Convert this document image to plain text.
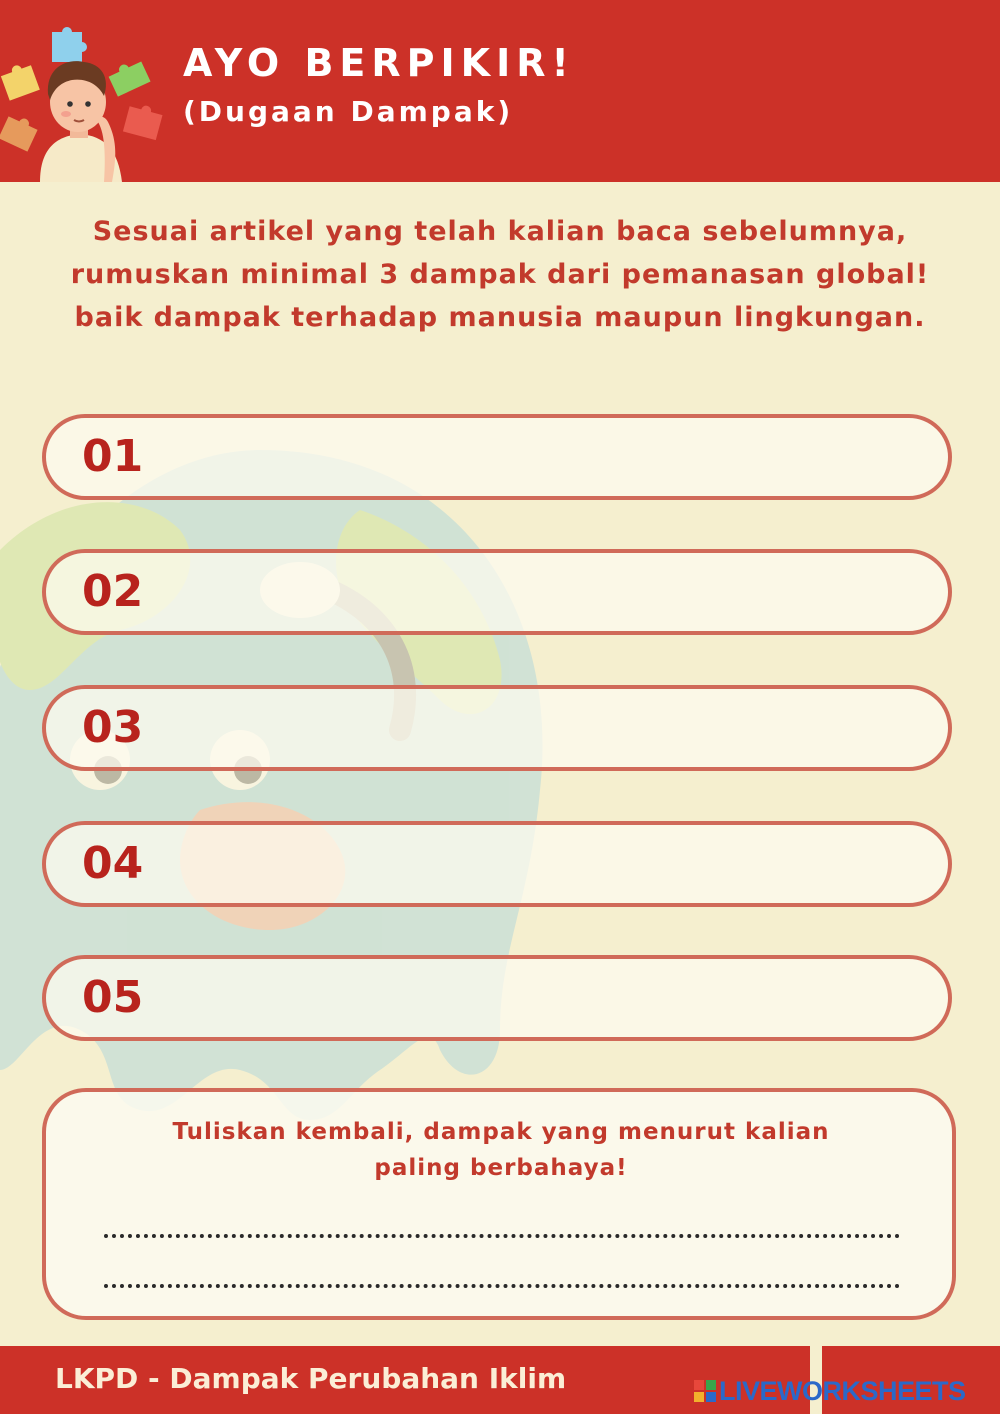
AYO BERPIKIR!
(Dugaan Dampak)
Sesuai artikel yang telah kalian baca sebelumnya, rumuskan minimal 3 dampak dari pemanasan global! baik dampak terhadap manusia maupun lingkungan.
01
02
03
04
05
Tuliskan kembali, dampak yang menurut kalian paling berbahaya!
LKPD - Dampak Perubahan Iklim	LIVEWORKSHEETS
